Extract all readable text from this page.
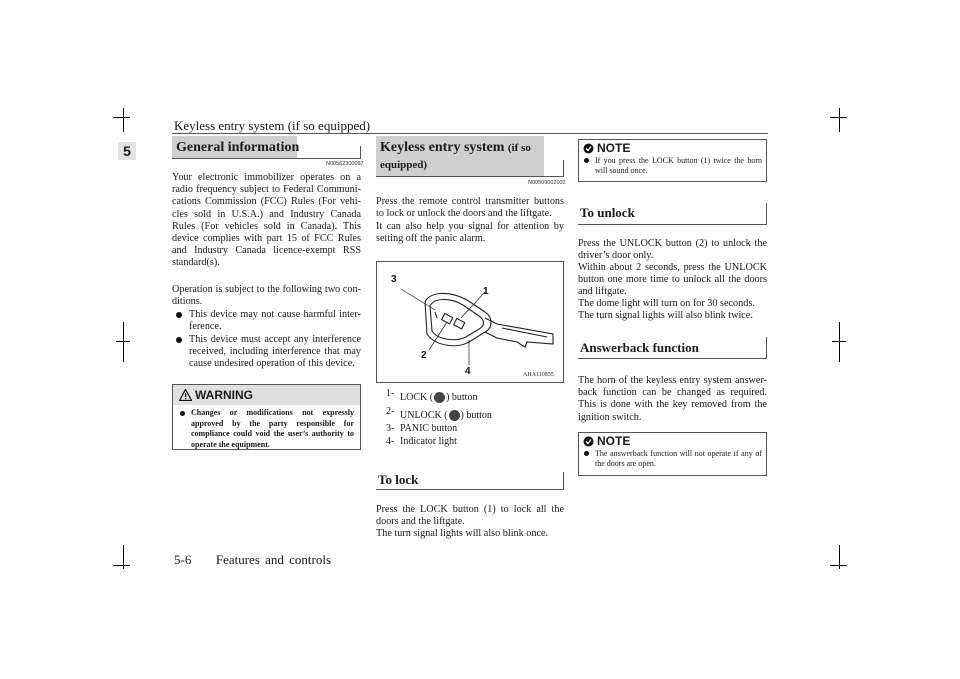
Keyless entry system (if so equipped)
5	General information
N00562300097
Your electronic immobilizer operates on a radio frequency subject to Federal Communi-cations Commission (FCC) Rules (For vehi-cles sold in U.S.A.) and Industry Canada Rules (For vehicles sold in Canada). This device complies with part 15 of FCC Rules and Industry Canada licence-exempt RSS standard(s).
Operation is subject to the following two con-ditions.
This device may not cause harmful inter-ference.
This device must accept any interference received, including interference that may cause undesired operation of this device.
WARNING
Changes or modifications not expressly approved by the party responsible for compliance could void the user’s authority to operate the equipment.
Keyless entry system (if so
equipped)
N00509002002
Press the remote control transmitter buttons to lock or unlock the doors and the liftgate.
It can also help you signal for attention by setting off the panic alarm.
3
1
2
4	AHA110855
1- LOCK ( ) button
2- UNLOCK ( ) button
3- PANIC button
4- Indicator light
To lock
Press the LOCK button (1) to lock all the doors and the liftgate.
The turn signal lights will also blink once.
NOTE
If you press the LOCK button (1) twice the horn will sound once.
To unlock
Press the UNLOCK button (2) to unlock the driver’s door only.
Within about 2 seconds, press the UNLOCK button one more time to unlock all the doors and liftgate.
The dome light will turn on for 30 seconds.
The turn signal lights will also blink twice.
Answerback function
The horn of the keyless entry system answer-back function can be changed as required. This is done with the key removed from the ignition switch.
NOTE
The answerback function will not operate if any of the doors are open.
5-6 Features and controls
